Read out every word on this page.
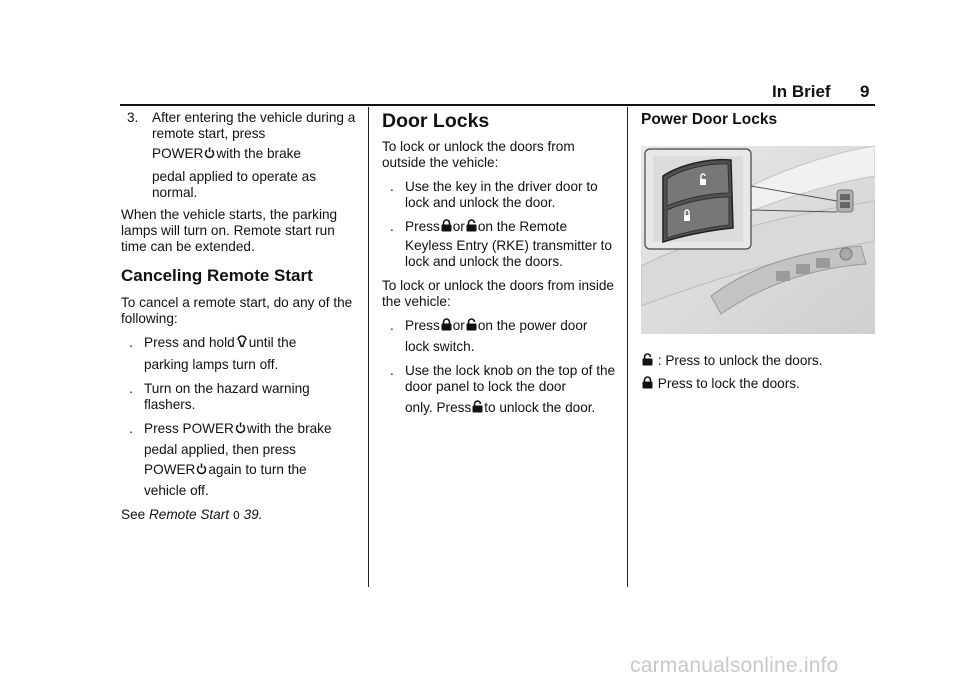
In Brief 9
3. After entering the vehicle during a remote start, press

POWER with the brake

pedal applied to operate as normal.

When the vehicle starts, the parking lamps will turn on. Remote start run time can be extended.

Canceling Remote Start

To cancel a remote start, do any of the following:

. Press and hold until the

parking lamps turn off.

. Turn on the hazard warning flashers.

. Press POWER with the brake

pedal applied, then press

POWER again to turn the

vehicle off.

See Remote Start 0 39.

Door Locks

To lock or unlock the doors from outside the vehicle:

. Use the key in the driver door to lock and unlock the door.

. Press or on the Remote

Keyless Entry (RKE) transmitter to lock and unlock the doors.

To lock or unlock the doors from inside the vehicle:

. Press or on the power door

lock switch.

. Use the lock knob on the top of the door panel to lock the door

only. Press to unlock the door.

Power Door Locks

: Press to unlock the doors.

Press to lock the doors.

carmanualsonline.info
